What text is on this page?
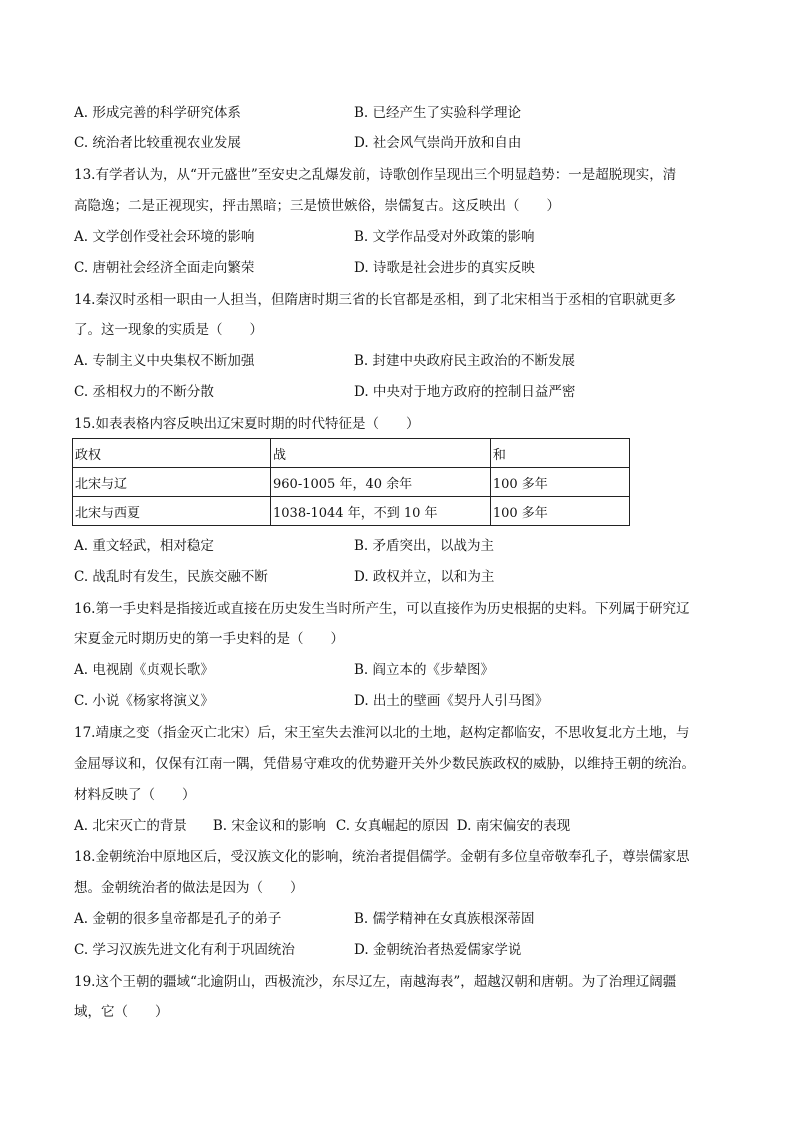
A. 形成完善的科学研究体系	B. 已经产生了实验科学理论
C. 统治者比较重视农业发展	D. 社会风气崇尚开放和自由
13.有学者认为，从“开元盛世”至安史之乱爆发前，诗歌创作呈现出三个明显趋势：一是超脱现实，清
高隐逸；二是正视现实，抨击黑暗；三是愤世嫉俗，崇儒复古。这反映出（　　）
A. 文学创作受社会环境的影响	B. 文学作品受对外政策的影响
C. 唐朝社会经济全面走向繁荣	D. 诗歌是社会进步的真实反映
14.秦汉时丞相一职由一人担当，但隋唐时期三省的长官都是丞相，到了北宋相当于丞相的官职就更多
了。这一现象的实质是（　　）
A. 专制主义中央集权不断加强	B. 封建中央政府民主政治的不断发展
C. 丞相权力的不断分散	D. 中央对于地方政府的控制日益严密
15.如表表格内容反映出辽宋夏时期的时代特征是（　　）
政权	战	和
北宋与辽	960-1005 年，40 余年	100 多年
北宋与西夏	1038-1044 年，不到 10 年	100 多年
A. 重文轻武，相对稳定	B. 矛盾突出，以战为主
C. 战乱时有发生，民族交融不断	D. 政权并立，以和为主
16.第一手史料是指接近或直接在历史发生当时所产生，可以直接作为历史根据的史料。下列属于研究辽
宋夏金元时期历史的第一手史料的是（　　）
A. 电视剧《贞观长歌》	B. 阎立本的《步辇图》
C. 小说《杨家将演义》	D. 出土的壁画《契丹人引马图》
17.靖康之变（指金灭亡北宋）后，宋王室失去淮河以北的土地，赵构定都临安，不思收复北方土地，与
金屈辱议和，仅保有江南一隅，凭借易守难攻的优势避开关外少数民族政权的威胁，以维持王朝的统治。
材料反映了（　　）
A. 北宋灭亡的背景 B. 宋金议和的影响 C. 女真崛起的原因 D. 南宋偏安的表现
18.金朝统治中原地区后，受汉族文化的影响，统治者提倡儒学。金朝有多位皇帝敬奉孔子，尊崇儒家思
想。金朝统治者的做法是因为（　　）
A. 金朝的很多皇帝都是孔子的弟子	B. 儒学精神在女真族根深蒂固
C. 学习汉族先进文化有利于巩固统治	D. 金朝统治者热爱儒家学说
19.这个王朝的疆域“北逾阴山，西极流沙，东尽辽左，南越海表”，超越汉朝和唐朝。为了治理辽阔疆
域，它（　　）
